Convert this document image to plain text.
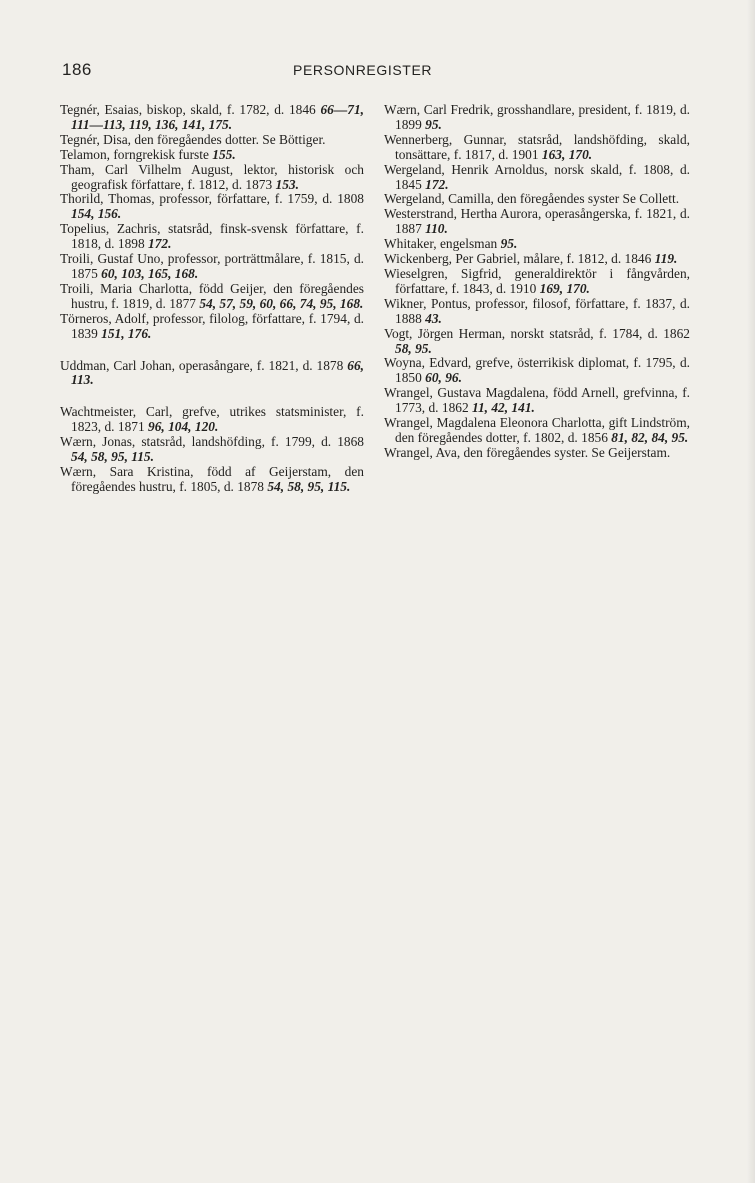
186	PERSONREGISTER

Tegnér, Esaias, biskop, skald, f. 1782, d. 1846 66—71, 111—113, 119, 136, 141, 175.

Tegnér, Disa, den föregåendes dotter. Se Böttiger.

Telamon, forngrekisk furste 155.

Tham, Carl Vilhelm August, lektor, historisk och geografisk författare, f. 1812, d. 1873 153.

Thorild, Thomas, professor, författare, f. 1759, d. 1808 154, 156.

Topelius, Zachris, statsråd, finsk-svensk författare, f. 1818, d. 1898 172.

Troili, Gustaf Uno, professor, porträttmålare, f. 1815, d. 1875 60, 103, 165, 168.

Troili, Maria Charlotta, född Geijer, den föregåendes hustru, f. 1819, d. 1877 54, 57, 59, 60, 66, 74, 95, 168.

Törneros, Adolf, professor, filolog, författare, f. 1794, d. 1839 151, 176.

Uddman, Carl Johan, operasångare, f. 1821, d. 1878 66, 113.

Wachtmeister, Carl, grefve, utrikes statsminister, f. 1823, d. 1871 96, 104, 120.

Wærn, Jonas, statsråd, landshöfding, f. 1799, d. 1868 54, 58, 95, 115.

Wærn, Sara Kristina, född af Geijerstam, den föregåendes hustru, f. 1805, d. 1878 54, 58, 95, 115.

Wærn, Carl Fredrik, grosshandlare, president, f. 1819, d. 1899 95.

Wennerberg, Gunnar, statsråd, landshöfding, skald, tonsättare, f. 1817, d. 1901 163, 170.

Wergeland, Henrik Arnoldus, norsk skald, f. 1808, d. 1845 172.

Wergeland, Camilla, den föregåendes syster Se Collett.

Westerstrand, Hertha Aurora, operasångerska, f. 1821, d. 1887 110.

Whitaker, engelsman 95.

Wickenberg, Per Gabriel, målare, f. 1812, d. 1846 119.

Wieselgren, Sigfrid, generaldirektör i fångvården, författare, f. 1843, d. 1910 169, 170.

Wikner, Pontus, professor, filosof, författare, f. 1837, d. 1888 43.

Vogt, Jörgen Herman, norskt statsråd, f. 1784, d. 1862 58, 95.

Woyna, Edvard, grefve, österrikisk diplomat, f. 1795, d. 1850 60, 96.

Wrangel, Gustava Magdalena, född Arnell, grefvinna, f. 1773, d. 1862 11, 42, 141.

Wrangel, Magdalena Eleonora Charlotta, gift Lindström, den föregåendes dotter, f. 1802, d. 1856 81, 82, 84, 95.

Wrangel, Ava, den föregåendes syster. Se Geijerstam.
